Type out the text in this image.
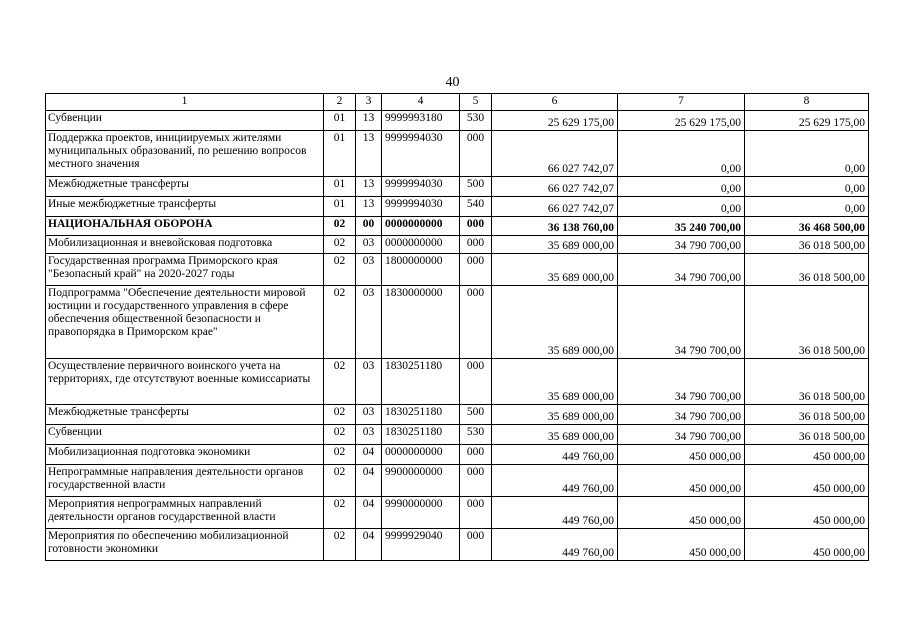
40
1	2	3	4	5	6	7	8
Субвенции	01	13	9999993180	530	25 629 175,00	25 629 175,00	25 629 175,00
Поддержка проектов, инициируемых жителями муниципальных образований, по решению вопросов местного значения	01	13	9999994030	000	66 027 742,07	0,00	0,00
Межбюджетные трансферты	01	13	9999994030	500	66 027 742,07	0,00	0,00
Иные межбюджетные трансферты	01	13	9999994030	540	66 027 742,07	0,00	0,00
НАЦИОНАЛЬНАЯ ОБОРОНА	02	00	0000000000	000	36 138 760,00	35 240 700,00	36 468 500,00
Мобилизационная и вневойсковая подготовка	02	03	0000000000	000	35 689 000,00	34 790 700,00	36 018 500,00
Государственная программа Приморского края "Безопасный край" на 2020-2027 годы	02	03	1800000000	000	35 689 000,00	34 790 700,00	36 018 500,00
Подпрограмма "Обеспечение деятельности мировой юстиции и государственного управления в сфере обеспечения общественной безопасности и правопорядка в Приморском крае"	02	03	1830000000	000	35 689 000,00	34 790 700,00	36 018 500,00
Осуществление первичного воинского учета на территориях, где отсутствуют военные комиссариаты	02	03	1830251180	000	35 689 000,00	34 790 700,00	36 018 500,00
Межбюджетные трансферты	02	03	1830251180	500	35 689 000,00	34 790 700,00	36 018 500,00
Субвенции	02	03	1830251180	530	35 689 000,00	34 790 700,00	36 018 500,00
Мобилизационная подготовка экономики	02	04	0000000000	000	449 760,00	450 000,00	450 000,00
Непрограммные направления деятельности органов государственной власти	02	04	9900000000	000	449 760,00	450 000,00	450 000,00
Мероприятия непрограммных направлений деятельности органов государственной власти	02	04	9990000000	000	449 760,00	450 000,00	450 000,00
Мероприятия по обеспечению мобилизационной готовности экономики	02	04	9999929040	000	449 760,00	450 000,00	450 000,00
